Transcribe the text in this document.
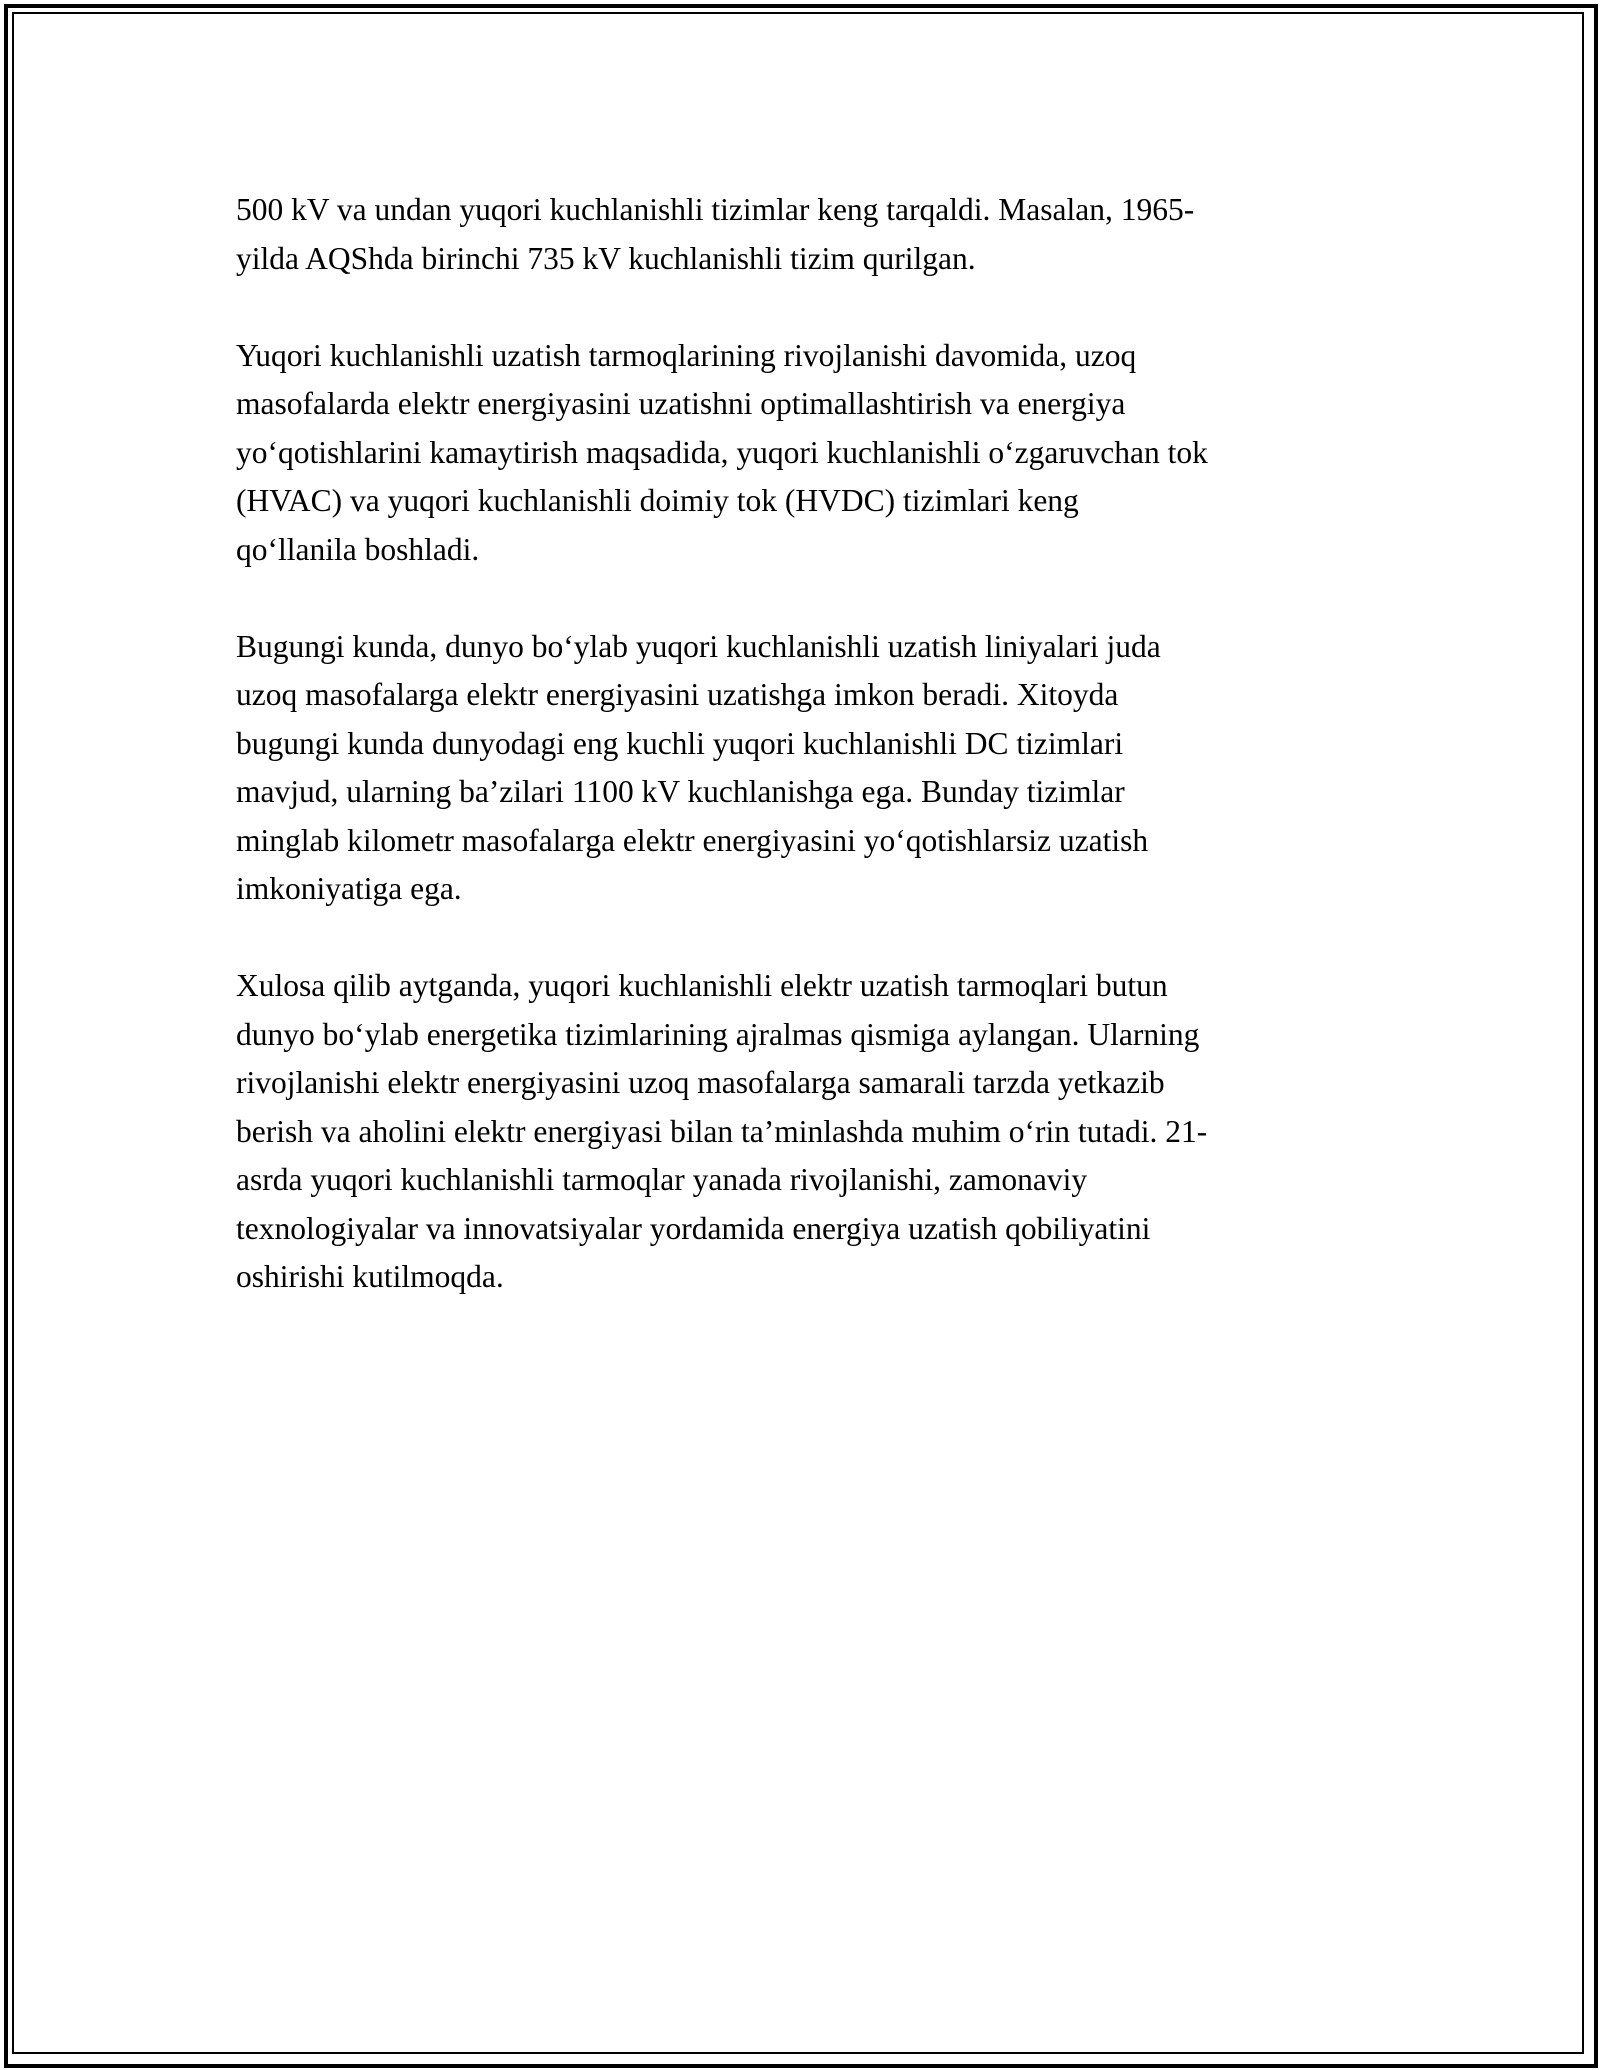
500 kV va undan yuqori kuchlanishli tizimlar keng tarqaldi. Masalan, 1965-
yilda AQShda birinchi 735 kV kuchlanishli tizim qurilgan.

Yuqori kuchlanishli uzatish tarmoqlarining rivojlanishi davomida, uzoq
masofalarda elektr energiyasini uzatishni optimallashtirish va energiya
yo‘qotishlarini kamaytirish maqsadida, yuqori kuchlanishli o‘zgaruvchan tok
(HVAC) va yuqori kuchlanishli doimiy tok (HVDC) tizimlari keng
qo‘llanila boshladi.

Bugungi kunda, dunyo bo‘ylab yuqori kuchlanishli uzatish liniyalari juda
uzoq masofalarga elektr energiyasini uzatishga imkon beradi. Xitoyda
bugungi kunda dunyodagi eng kuchli yuqori kuchlanishli DC tizimlari
mavjud, ularning ba’zilari 1100 kV kuchlanishga ega. Bunday tizimlar
minglab kilometr masofalarga elektr energiyasini yo‘qotishlarsiz uzatish
imkoniyatiga ega.

Xulosa qilib aytganda, yuqori kuchlanishli elektr uzatish tarmoqlari butun
dunyo bo‘ylab energetika tizimlarining ajralmas qismiga aylangan. Ularning
rivojlanishi elektr energiyasini uzoq masofalarga samarali tarzda yetkazib
berish va aholini elektr energiyasi bilan ta’minlashda muhim o‘rin tutadi. 21-
asrda yuqori kuchlanishli tarmoqlar yanada rivojlanishi, zamonaviy
texnologiyalar va innovatsiyalar yordamida energiya uzatish qobiliyatini
oshirishi kutilmoqda.
